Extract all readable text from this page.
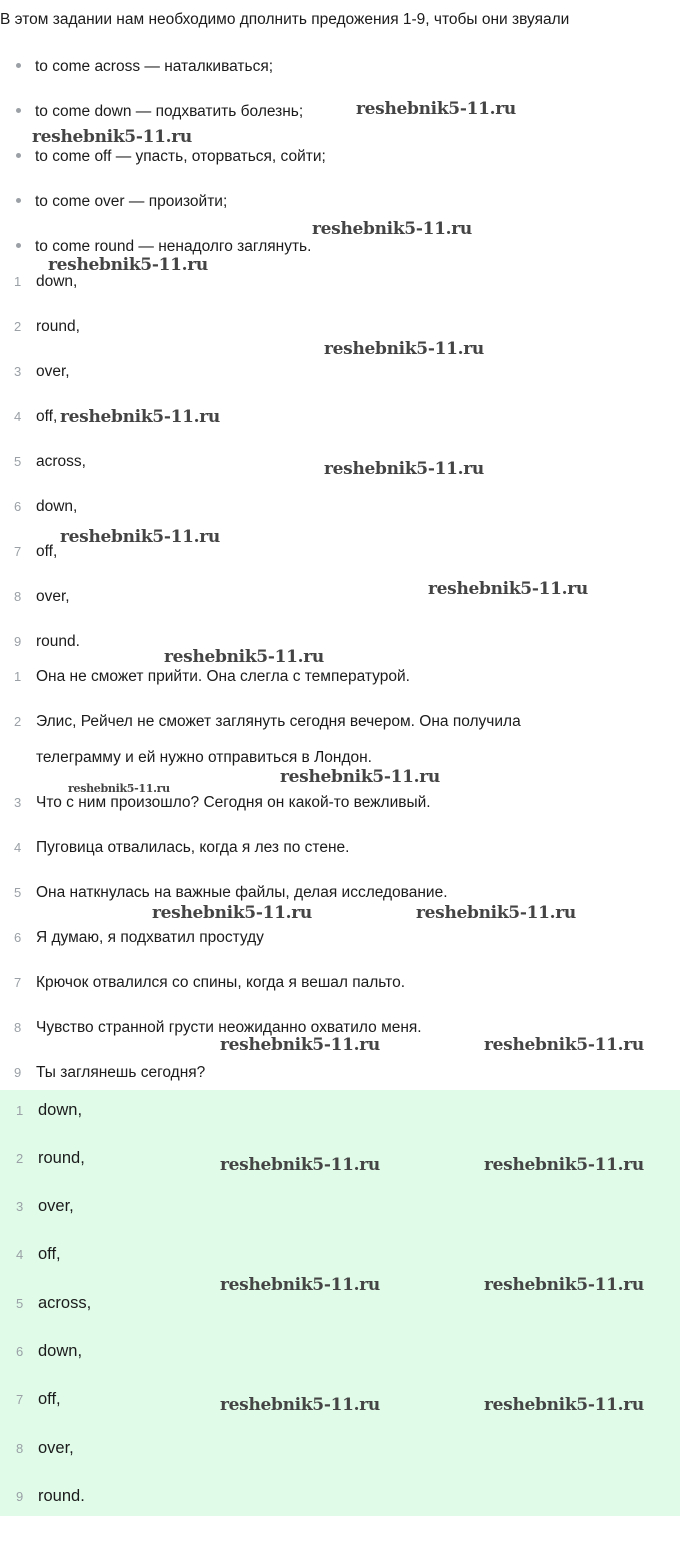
В этом задании нам необходимо дполнить предожения 1-9, чтобы они звуяали
to come across — наталкиваться;
to come down — подхватить болезнь;
to come off — упасть, оторваться, сойти;
to come over — произойти;
to come round — ненадолго заглянуть.
1 down,
2 round,
3 over,
4 off,
5 across,
6 down,
7 off,
8 over,
9 round.
1 Она не сможет прийти. Она слегла с температурой.
2 Элис, Рейчел не сможет заглянуть сегодня вечером. Она получила
телеграмму и ей нужно отправиться в Лондон.
3 Что с ним произошло? Сегодня он какой-то вежливый.
4 Пуговица отвалилась, когда я лез по стене.
5 Она наткнулась на важные файлы, делая исследование.
6 Я думаю, я подхватил простуду
7 Крючок отвалился со спины, когда я вешал пальто.
8 Чувство странной грусти неожиданно охватило меня.
9 Ты заглянешь сегодня?
1 down,
2 round,
3 over,
4 off,
5 across,
6 down,
7 off,
8 over,
9 round.
reshebnik5-11.ru
reshebnik5-11.ru
reshebnik5-11.ru
reshebnik5-11.ru
reshebnik5-11.ru
reshebnik5-11.ru
reshebnik5-11.ru
reshebnik5-11.ru
reshebnik5-11.ru
reshebnik5-11.ru
reshebnik5-11.ru
reshebnik5-11.ru
reshebnik5-11.ru	reshebnik5-11.ru
reshebnik5-11.ru	reshebnik5-11.ru
reshebnik5-11.ru	reshebnik5-11.ru
reshebnik5-11.ru	reshebnik5-11.ru
reshebnik5-11.ru	reshebnik5-11.ru
